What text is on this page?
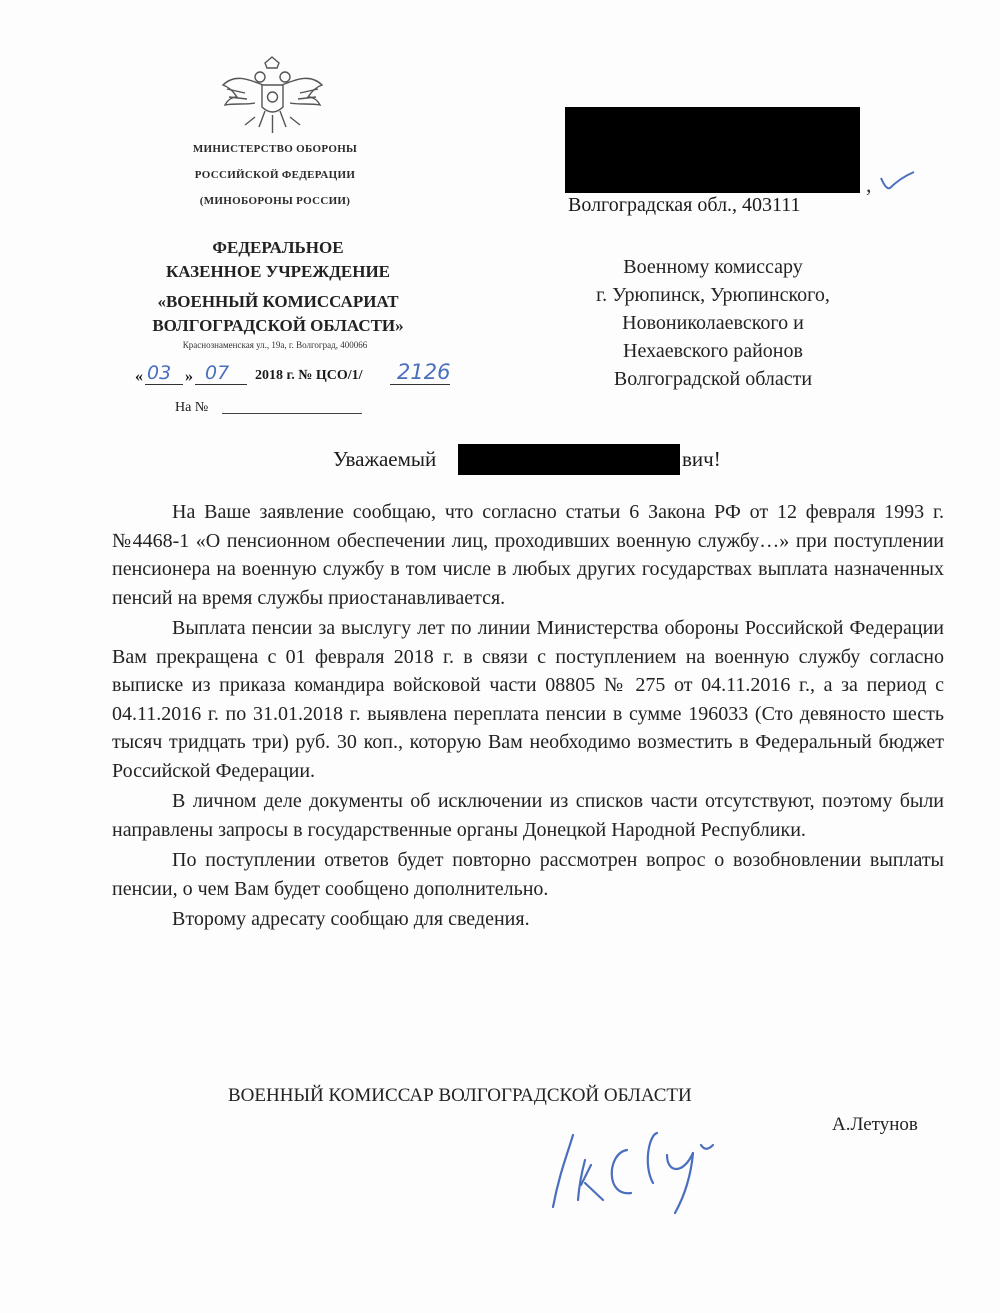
МИНИСТЕРСТВО ОБОРОНЫ
РОССИЙСКОЙ ФЕДЕРАЦИИ
(МИНОБОРОНЫ РОССИИ)
ФЕДЕРАЛЬНОЕ
КАЗЕННОЕ УЧРЕЖДЕНИЕ
«ВОЕННЫЙ КОМИССАРИАТ
ВОЛГОГРАДСКОЙ ОБЛАСТИ»
Краснознаменская ул., 19а, г. Волгоград, 400066
« 03 » 07 2018 г. № ЦСО/1/ 2126
На №
,
Волгоградская обл., 403111
Военному комиссару
г. Урюпинск, Урюпинского,
Новониколаевского и
Нехаевского районов
Волгоградской области
Уважаемый	вич!

На Ваше заявление сообщаю, что согласно статьи 6 Закона РФ от 12 февраля 1993 г. №4468-1 «О пенсионном обеспечении лиц, проходивших военную службу…» при поступлении пенсионера на военную службу в том числе в любых других государствах выплата назначенных пенсий на время службы приостанавливается.

Выплата пенсии за выслугу лет по линии Министерства обороны Российской Федерации Вам прекращена с 01 февраля 2018 г. в связи с поступлением на военную службу согласно выписке из приказа командира войсковой части 08805 № 275 от 04.11.2016 г., а за период с 04.11.2016 г. по 31.01.2018 г. выявлена переплата пенсии в сумме 196033 (Сто девяносто шесть тысяч тридцать три) руб. 30 коп., которую Вам необходимо возместить в Федеральный бюджет Российской Федерации.

В личном деле документы об исключении из списков части отсутствуют, поэтому были направлены запросы в государственные органы Донецкой Народной Республики.

По поступлении ответов будет повторно рассмотрен вопрос о возобновлении выплаты пенсии, о чем Вам будет сообщено дополнительно.

Второму адресату сообщаю для сведения.

ВОЕННЫЙ КОМИССАР ВОЛГОГРАДСКОЙ ОБЛАСТИ
А.Летунов
